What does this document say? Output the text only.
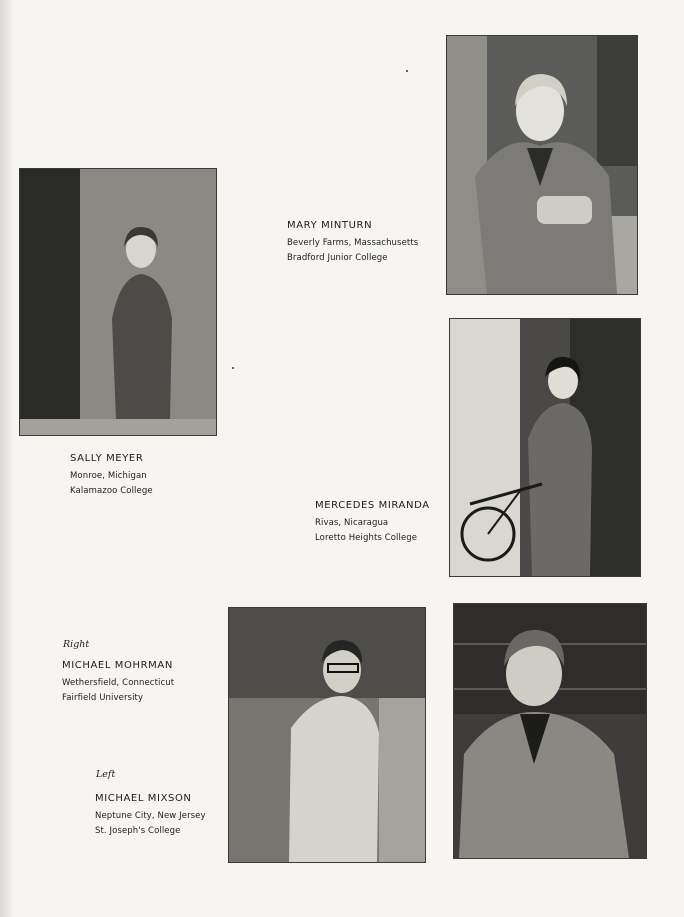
MARY MINTURN
Beverly Farms, Massachusetts
Bradford Junior College
SALLY MEYER
Monroe, Michigan
Kalamazoo College
MERCEDES MIRANDA
Rivas, Nicaragua
Loretto Heights College
Right
MICHAEL MOHRMAN
Wethersfield, Connecticut
Fairfield University
Left
MICHAEL MIXSON
Neptune City, New Jersey
St. Joseph's College
